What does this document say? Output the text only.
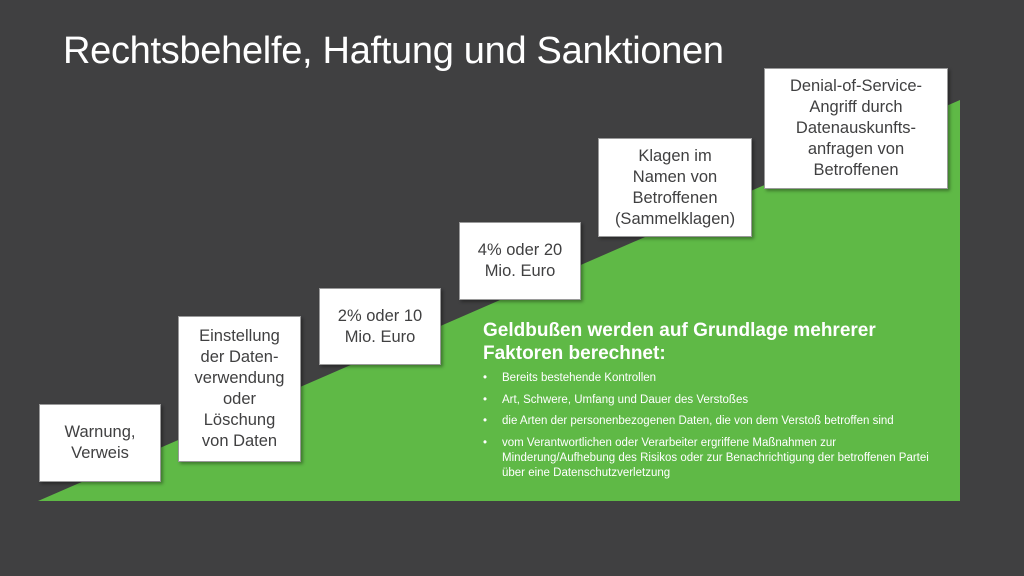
Rechtsbehelfe, Haftung und Sanktionen
Warnung,
Verweis
Einstellung
der Daten-
verwendung
oder
Löschung
von Daten
2% oder 10
Mio. Euro
4% oder 20
Mio. Euro
Klagen im
Namen von
Betroffenen
(Sammelklagen)
Denial-of-Service-
Angriff durch
Datenauskunfts-
anfragen von
Betroffenen
Geldbußen werden auf Grundlage mehrerer Faktoren berechnet:
• Bereits bestehende Kontrollen
• Art, Schwere, Umfang und Dauer des Verstoßes
• die Arten der personenbezogenen Daten, die von dem Verstoß betroffen sind
• vom Verantwortlichen oder Verarbeiter ergriffene Maßnahmen zur Minderung/Aufhebung des Risikos oder zur Benachrichtigung der betroffenen Partei über eine Datenschutzverletzung
